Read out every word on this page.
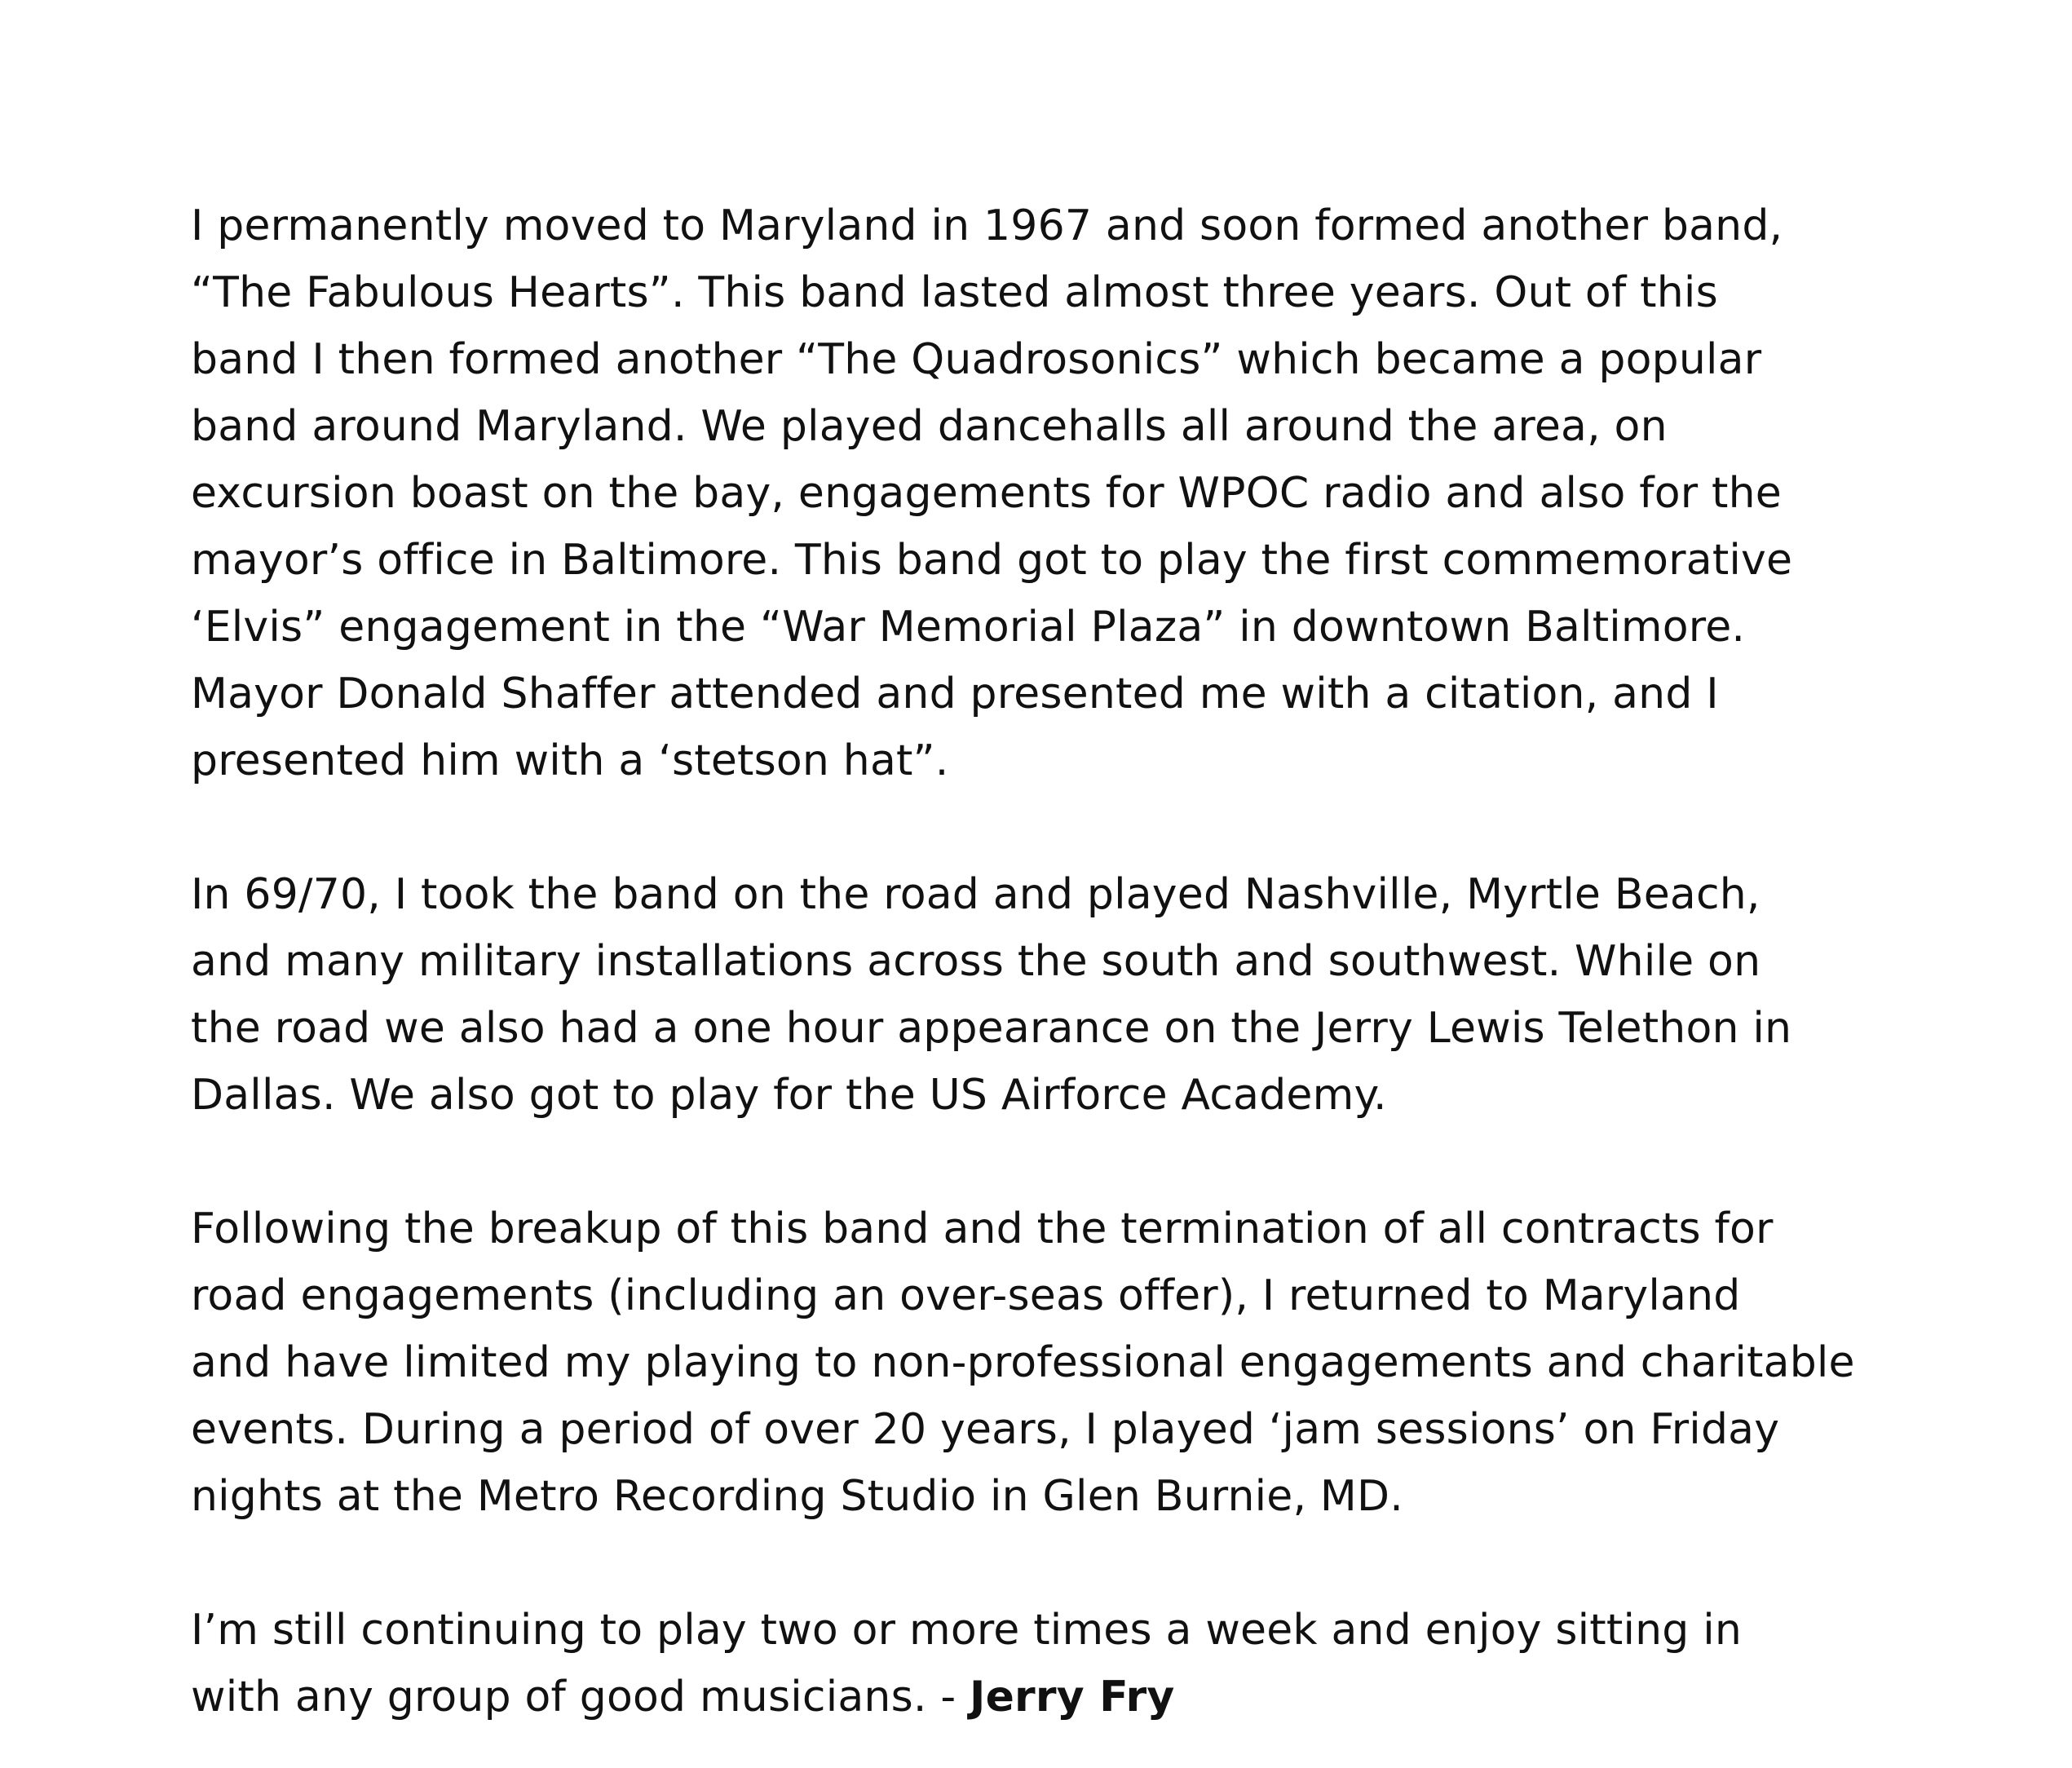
I permanently moved to Maryland in 1967 and soon formed another band,
“The Fabulous Hearts”. This band lasted almost three years. Out of this
band I then formed another “The Quadrosonics” which became a popular
band around Maryland. We played dancehalls all around the area, on
excursion boast on the bay, engagements for WPOC radio and also for the
mayor’s office in Baltimore. This band got to play the first commemorative
‘Elvis” engagement in the “War Memorial Plaza” in downtown Baltimore.
Mayor Donald Shaffer attended and presented me with a citation, and I
presented him with a ‘stetson hat”.

In 69/70, I took the band on the road and played Nashville, Myrtle Beach,
and many military installations across the south and southwest. While on
the road we also had a one hour appearance on the Jerry Lewis Telethon in
Dallas. We also got to play for the US Airforce Academy.

Following the breakup of this band and the termination of all contracts for
road engagements (including an over-seas offer), I returned to Maryland
and have limited my playing to non-professional engagements and charitable
events. During a period of over 20 years, I played ‘jam sessions’ on Friday
nights at the Metro Recording Studio in Glen Burnie, MD.

I’m still continuing to play two or more times a week and enjoy sitting in
with any group of good musicians. - Jerry Fry
